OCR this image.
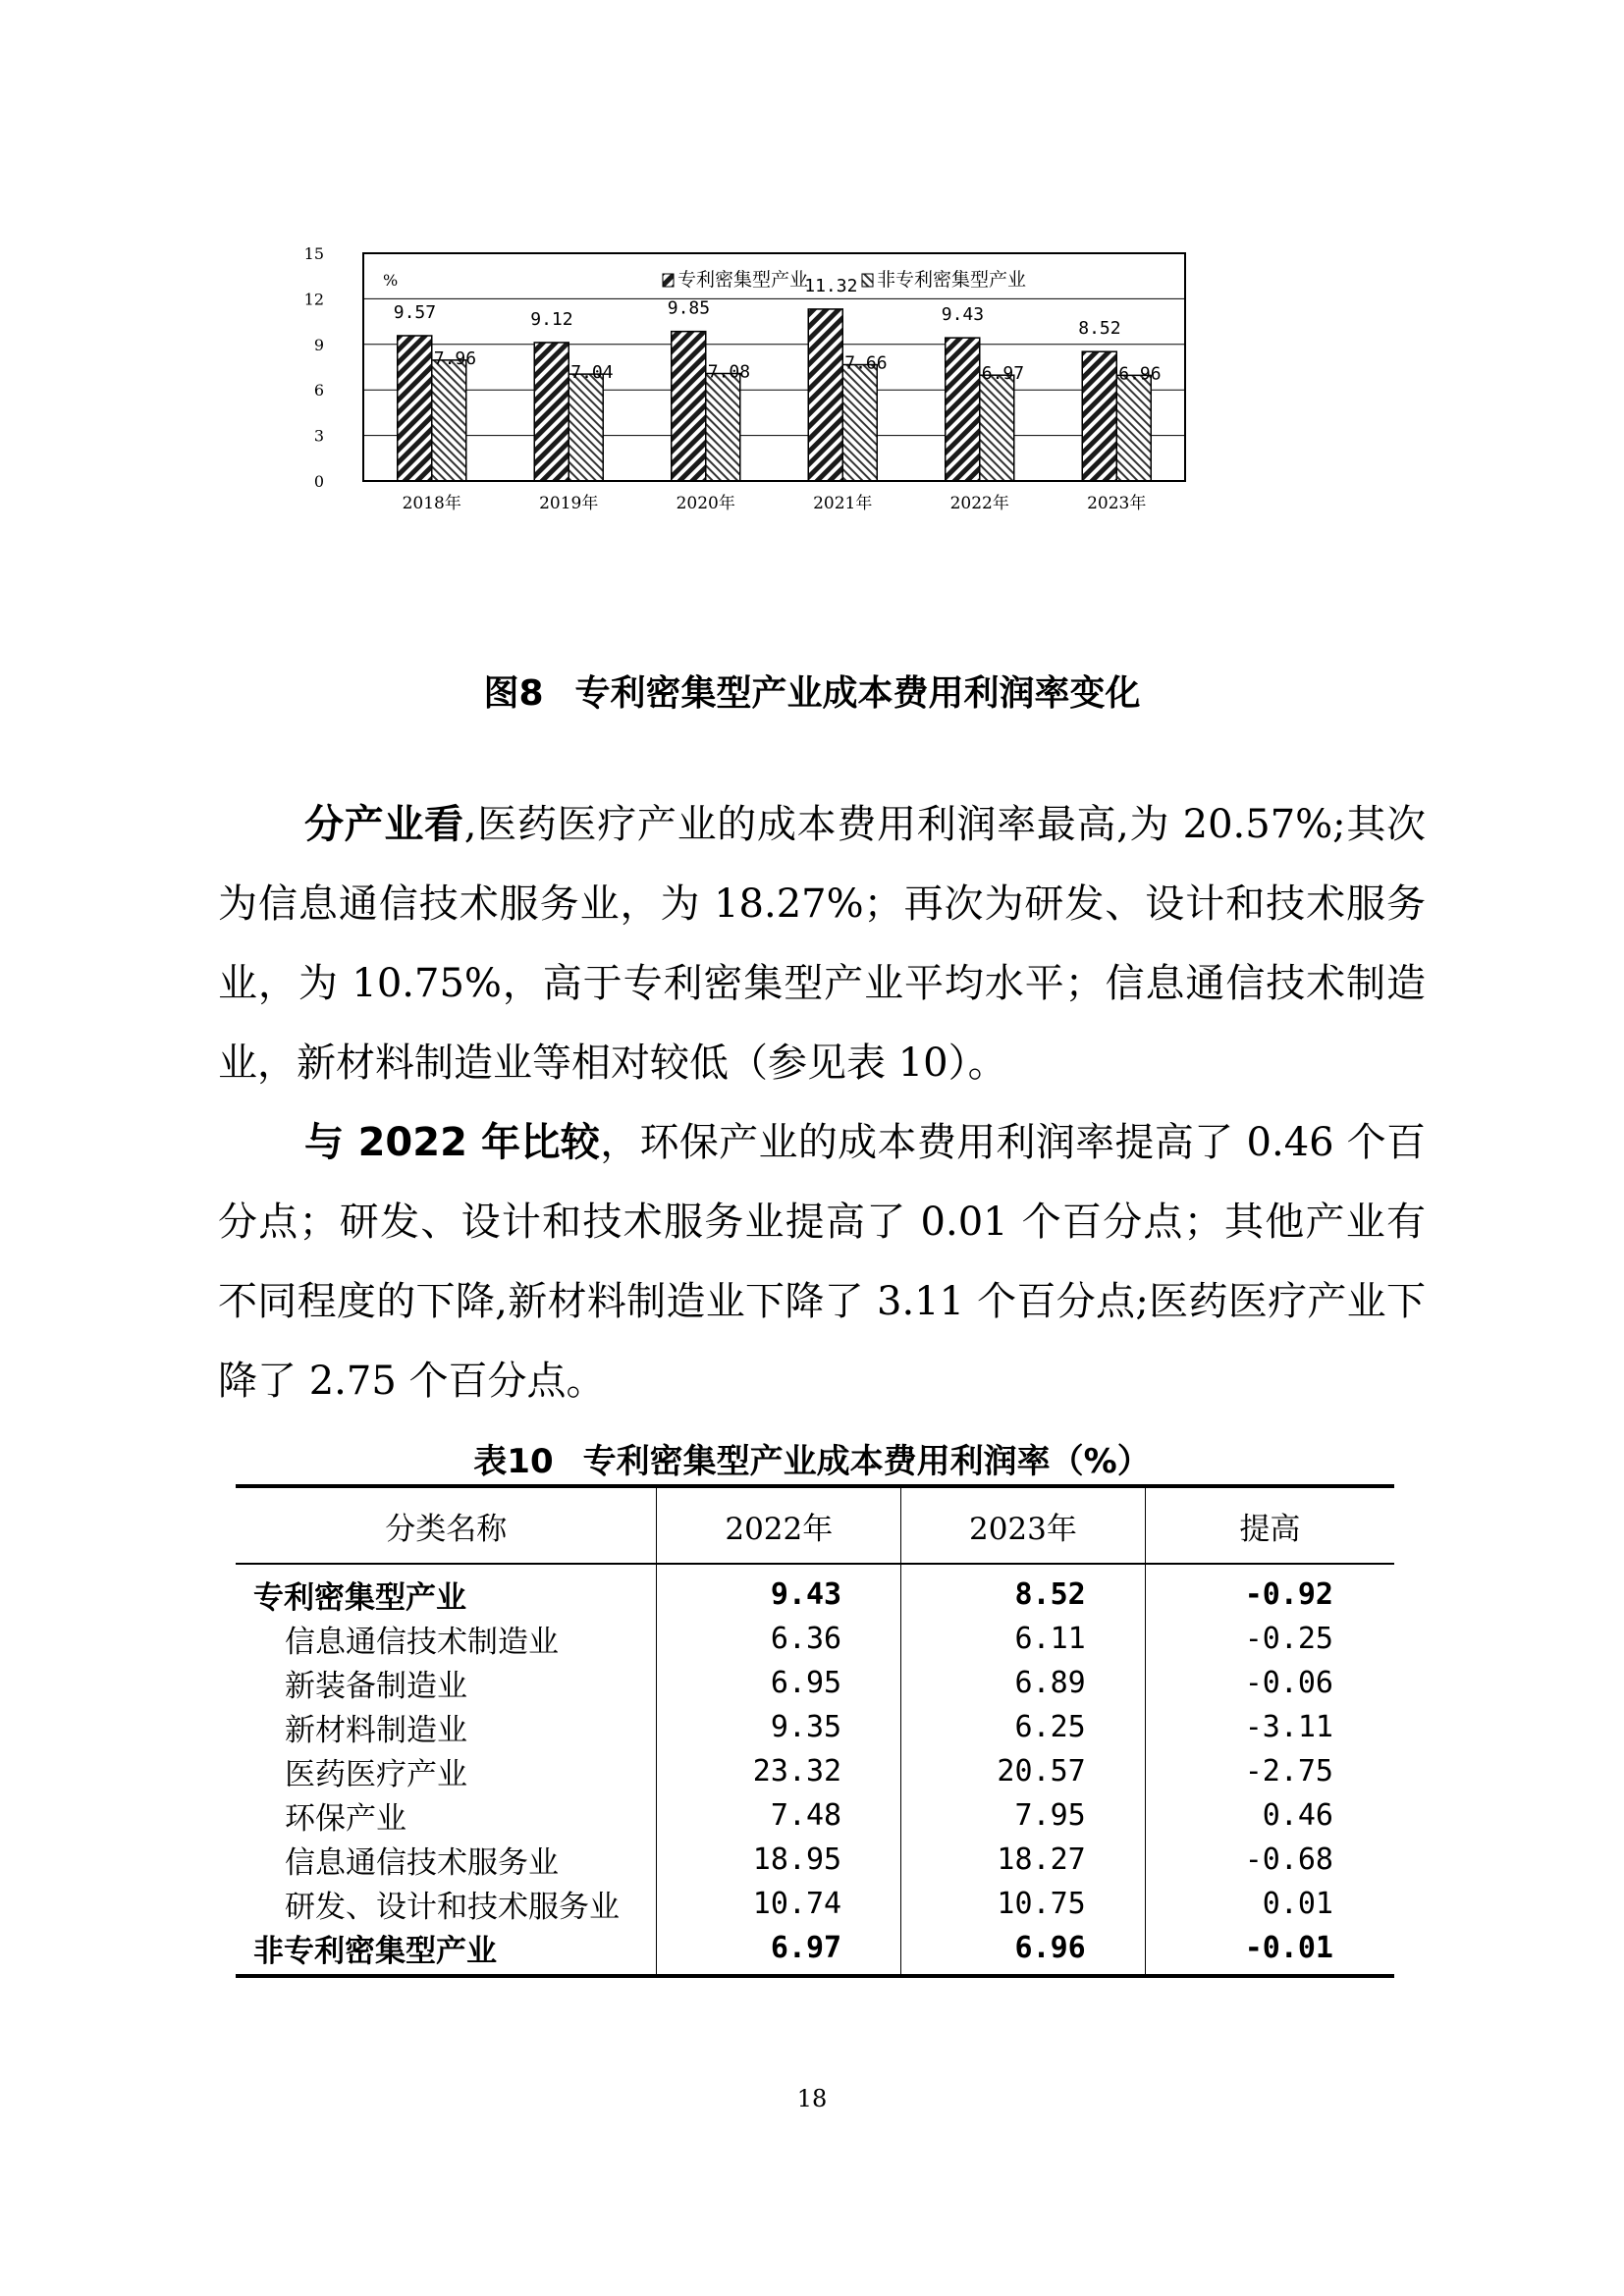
0
3
6
9
12
15
9.57
7.96
2018年
9.12
7.04
2019年
9.85
7.08
2020年
11.32
7.66
2021年
9.43
6.97
2022年
8.52
6.96
2023年
%	专利密集型产业	非专利密集型产业
图8 专利密集型产业成本费用利润率变化

分产业看,医药医疗产业的成本费用利润率最高,为 20.57%;其次为信息通信技术服务业，为 18.27%；再次为研发、设计和技术服务业，为 10.75%，高于专利密集型产业平均水平；信息通信技术制造业，新材料制造业等相对较低（参见表 10）。

与 2022 年比较，环保产业的成本费用利润率提高了 0.46 个百分点；研发、设计和技术服务业提高了 0.01 个百分点；其他产业有不同程度的下降,新材料制造业下降了 3.11 个百分点;医药医疗产业下降了 2.75 个百分点。

表10 专利密集型产业成本费用利润率（%）
分类名称	2022年	2023年	提高
专利密集型产业	9.43	8.52	-0.92
信息通信技术制造业	6.36	6.11	-0.25
新装备制造业	6.95	6.89	-0.06
新材料制造业	9.35	6.25	-3.11
医药医疗产业	23.32	20.57	-2.75
环保产业	7.48	7.95	0.46
信息通信技术服务业	18.95	18.27	-0.68
研发、设计和技术服务业	10.74	10.75	0.01
非专利密集型产业	6.97	6.96	-0.01
18
